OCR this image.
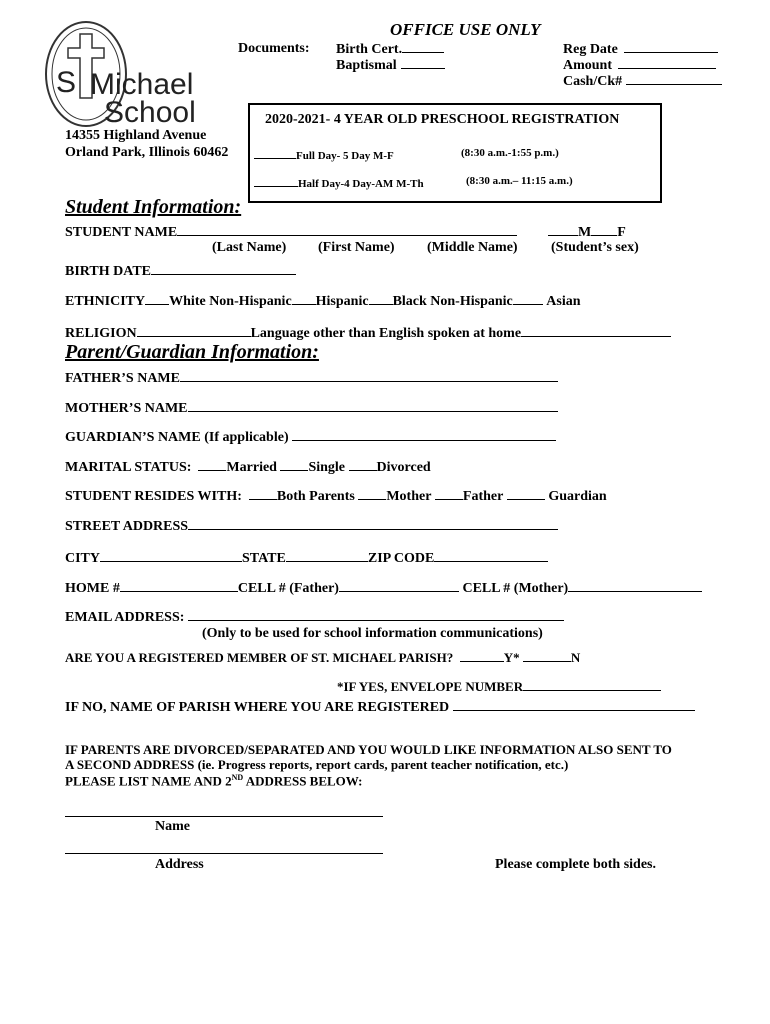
S Michael
School
14355 Highland Avenue
Orland Park, Illinois 60462
OFFICE USE ONLY
Documents: Birth Cert.
Baptismal
Reg Date
Amount
Cash/Ck#
2020-2021- 4 YEAR OLD PRESCHOOL REGISTRATION
Full Day- 5 Day M-F	(8:30 a.m.-1:55 p.m.)
Half Day-4 Day-AM M-Th	(8:30 a.m.– 11:15 a.m.)
Student Information:
STUDENT NAME	M F
(Last Name) (First Name) (Middle Name) (Student’s sex)
BIRTH DATE
ETHNICITY White Non-Hispanic Hispanic Black Non-Hispanic Asian
RELIGION	Language other than English spoken at home
Parent/Guardian Information:
FATHER’S NAME
MOTHER’S NAME
GUARDIAN’S NAME (If applicable)
MARITAL STATUS:	Married Single Divorced
STUDENT RESIDES WITH:	Both Parents Mother Father	Guardian
STREET ADDRESS
CITY	STATE	ZIP CODE
HOME #	CELL # (Father)	CELL # (Mother)
EMAIL ADDRESS:
(Only to be used for school information communications)
ARE YOU A REGISTERED MEMBER OF ST. MICHAEL PARISH?	Y*	N
*IF YES, ENVELOPE NUMBER
IF NO, NAME OF PARISH WHERE YOU ARE REGISTERED
IF PARENTS ARE DIVORCED/SEPARATED AND YOU WOULD LIKE INFORMATION ALSO SENT TO
A SECOND ADDRESS (ie. Progress reports, report cards, parent teacher notification, etc.)
PLEASE LIST NAME AND 2ND ADDRESS BELOW:
Name
Address	Please complete both sides.
